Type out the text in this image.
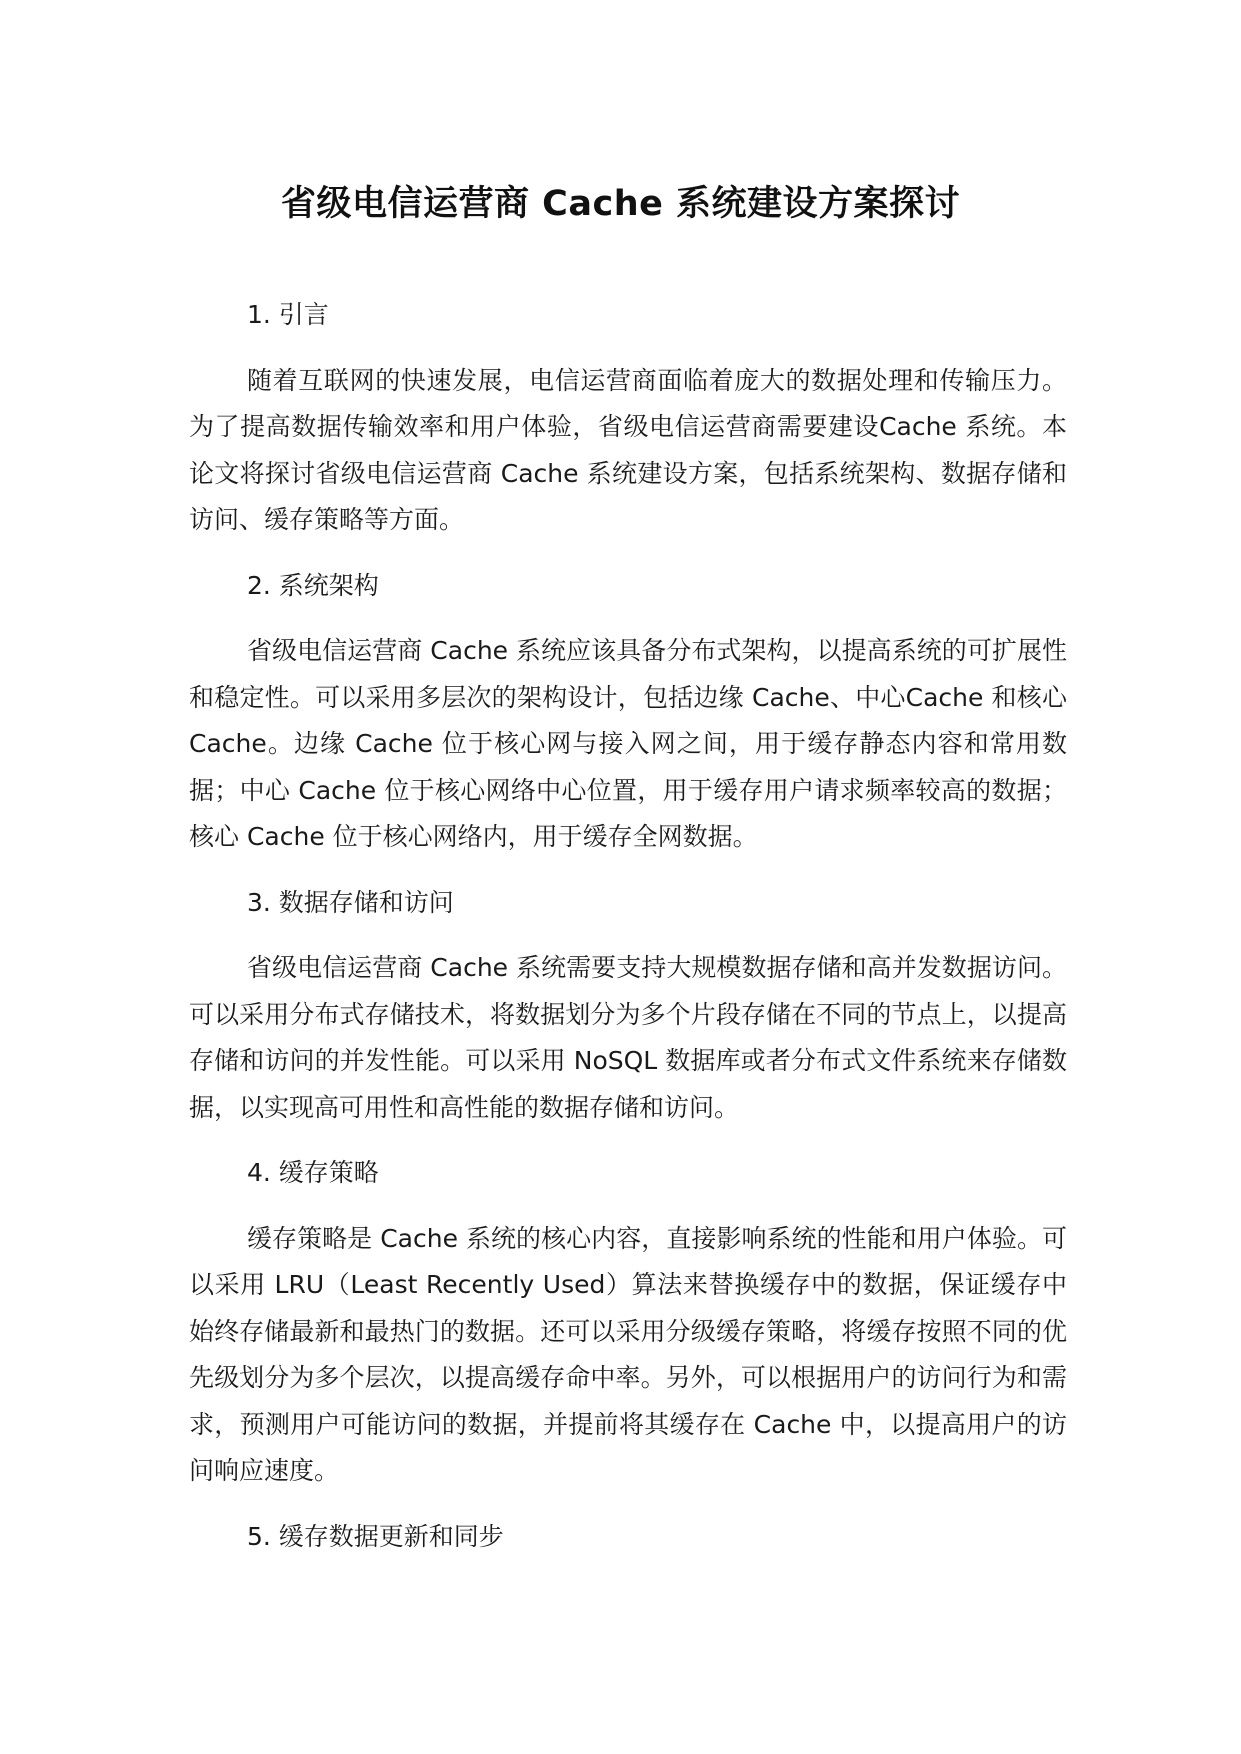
省级电信运营商 Cache 系统建设方案探讨
1. 引言
随着互联网的快速发展，电信运营商面临着庞大的数据处理和传输压力。为了提高数据传输效率和用户体验，省级电信运营商需要建设Cache 系统。本论文将探讨省级电信运营商 Cache 系统建设方案，包括系统架构、数据存储和访问、缓存策略等方面。
2. 系统架构
省级电信运营商 Cache 系统应该具备分布式架构，以提高系统的可扩展性和稳定性。可以采用多层次的架构设计，包括边缘 Cache、中心Cache 和核心 Cache。边缘 Cache 位于核心网与接入网之间，用于缓存静态内容和常用数据；中心 Cache 位于核心网络中心位置，用于缓存用户请求频率较高的数据；核心 Cache 位于核心网络内，用于缓存全网数据。
3. 数据存储和访问
省级电信运营商 Cache 系统需要支持大规模数据存储和高并发数据访问。可以采用分布式存储技术，将数据划分为多个片段存储在不同的节点上，以提高存储和访问的并发性能。可以采用 NoSQL 数据库或者分布式文件系统来存储数据，以实现高可用性和高性能的数据存储和访问。
4. 缓存策略
缓存策略是 Cache 系统的核心内容，直接影响系统的性能和用户体验。可以采用 LRU（Least Recently Used）算法来替换缓存中的数据，保证缓存中始终存储最新和最热门的数据。还可以采用分级缓存策略，将缓存按照不同的优先级划分为多个层次，以提高缓存命中率。另外，可以根据用户的访问行为和需求，预测用户可能访问的数据，并提前将其缓存在 Cache 中，以提高用户的访问响应速度。
5. 缓存数据更新和同步
